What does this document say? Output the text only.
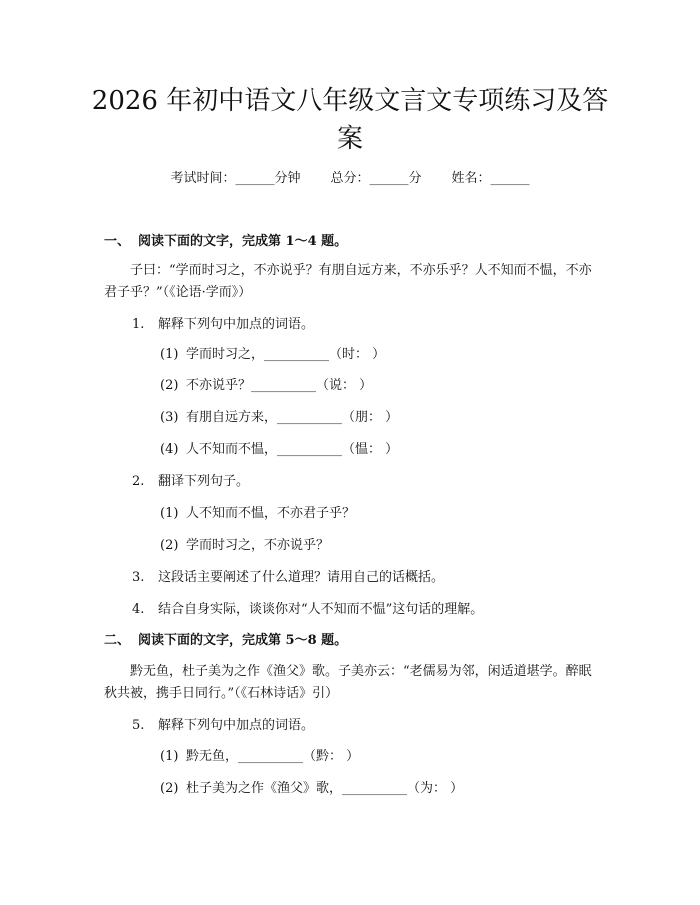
2026 年初中语文八年级文言文专项练习及答案
考试时间：______分钟 总分：______分 姓名：______
一、 阅读下面的文字，完成第 1～4 题。
子曰：“学而时习之，不亦说乎？有朋自远方来，不亦乐乎？人不知而不愠，不亦君子乎？”（《论语·学而》）
1. 解释下列句中加点的词语。
(1) 学而时习之，__________（时： ）
(2) 不亦说乎？__________（说： ）
(3) 有朋自远方来，__________（朋： ）
(4) 人不知而不愠，__________（愠： ）
2. 翻译下列句子。
(1) 人不知而不愠，不亦君子乎？
(2) 学而时习之，不亦说乎？
3. 这段话主要阐述了什么道理？请用自己的话概括。
4. 结合自身实际，谈谈你对“人不知而不愠”这句话的理解。
二、 阅读下面的文字，完成第 5～8 题。
黔无鱼，杜子美为之作《渔父》歌。子美亦云：“老儒易为邻，闲适道堪学。醉眠秋共被，携手日同行。”（《石林诗话》引）
5. 解释下列句中加点的词语。
(1) 黔无鱼，__________（黔： ）
(2) 杜子美为之作《渔父》歌，__________（为： ）
